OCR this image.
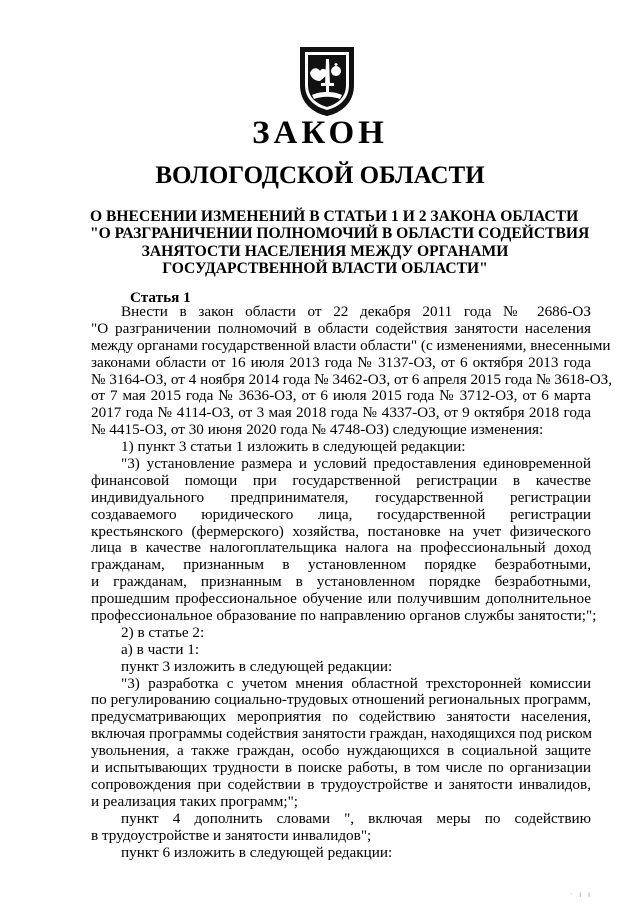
ЗАКОН
ВОЛОГОДСКОЙ ОБЛАСТИ
О ВНЕСЕНИИ ИЗМЕНЕНИЙ В СТАТЬИ 1 И 2 ЗАКОНА ОБЛАСТИ
"О РАЗГРАНИЧЕНИИ ПОЛНОМОЧИЙ В ОБЛАСТИ СОДЕЙСТВИЯ
ЗАНЯТОСТИ НАСЕЛЕНИЯ МЕЖДУ ОРГАНАМИ
ГОСУДАРСТВЕННОЙ ВЛАСТИ ОБЛАСТИ"
Статья 1
Внести в закон области от 22 декабря 2011 года № 2686-ОЗ
"О разграничении полномочий в области содействия занятости населения
между органами государственной власти области" (с изменениями, внесенными
законами области от 16 июля 2013 года № 3137-ОЗ, от 6 октября 2013 года
№ 3164-ОЗ, от 4 ноября 2014 года № 3462-ОЗ, от 6 апреля 2015 года № 3618-ОЗ,
от 7 мая 2015 года № 3636-ОЗ, от 6 июля 2015 года № 3712-ОЗ, от 6 марта
2017 года № 4114-ОЗ, от 3 мая 2018 года № 4337-ОЗ, от 9 октября 2018 года
№ 4415-ОЗ, от 30 июня 2020 года № 4748-ОЗ) следующие изменения:
1) пункт 3 статьи 1 изложить в следующей редакции:
"3) установление размера и условий предоставления единовременной
финансовой помощи при государственной регистрации в качестве
индивидуального предпринимателя, государственной регистрации
создаваемого юридического лица, государственной регистрации
крестьянского (фермерского) хозяйства, постановке на учет физического
лица в качестве налогоплательщика налога на профессиональный доход
гражданам, признанным в установленном порядке безработными,
и гражданам, признанным в установленном порядке безработными,
прошедшим профессиональное обучение или получившим дополнительное
профессиональное образование по направлению органов службы занятости;";
2) в статье 2:
а) в части 1:
пункт 3 изложить в следующей редакции:
"3) разработка с учетом мнения областной трехсторонней комиссии
по регулированию социально-трудовых отношений региональных программ,
предусматривающих мероприятия по содействию занятости населения,
включая программы содействия занятости граждан, находящихся под риском
увольнения, а также граждан, особо нуждающихся в социальной защите
и испытывающих трудности в поиске работы, в том числе по организации
сопровождения при содействии в трудоустройстве и занятости инвалидов,
и реализация таких программ;";
пункт 4 дополнить словами ", включая меры по содействию
в трудоустройстве и занятости инвалидов";
пункт 6 изложить в следующей редакции:
· ı ı
